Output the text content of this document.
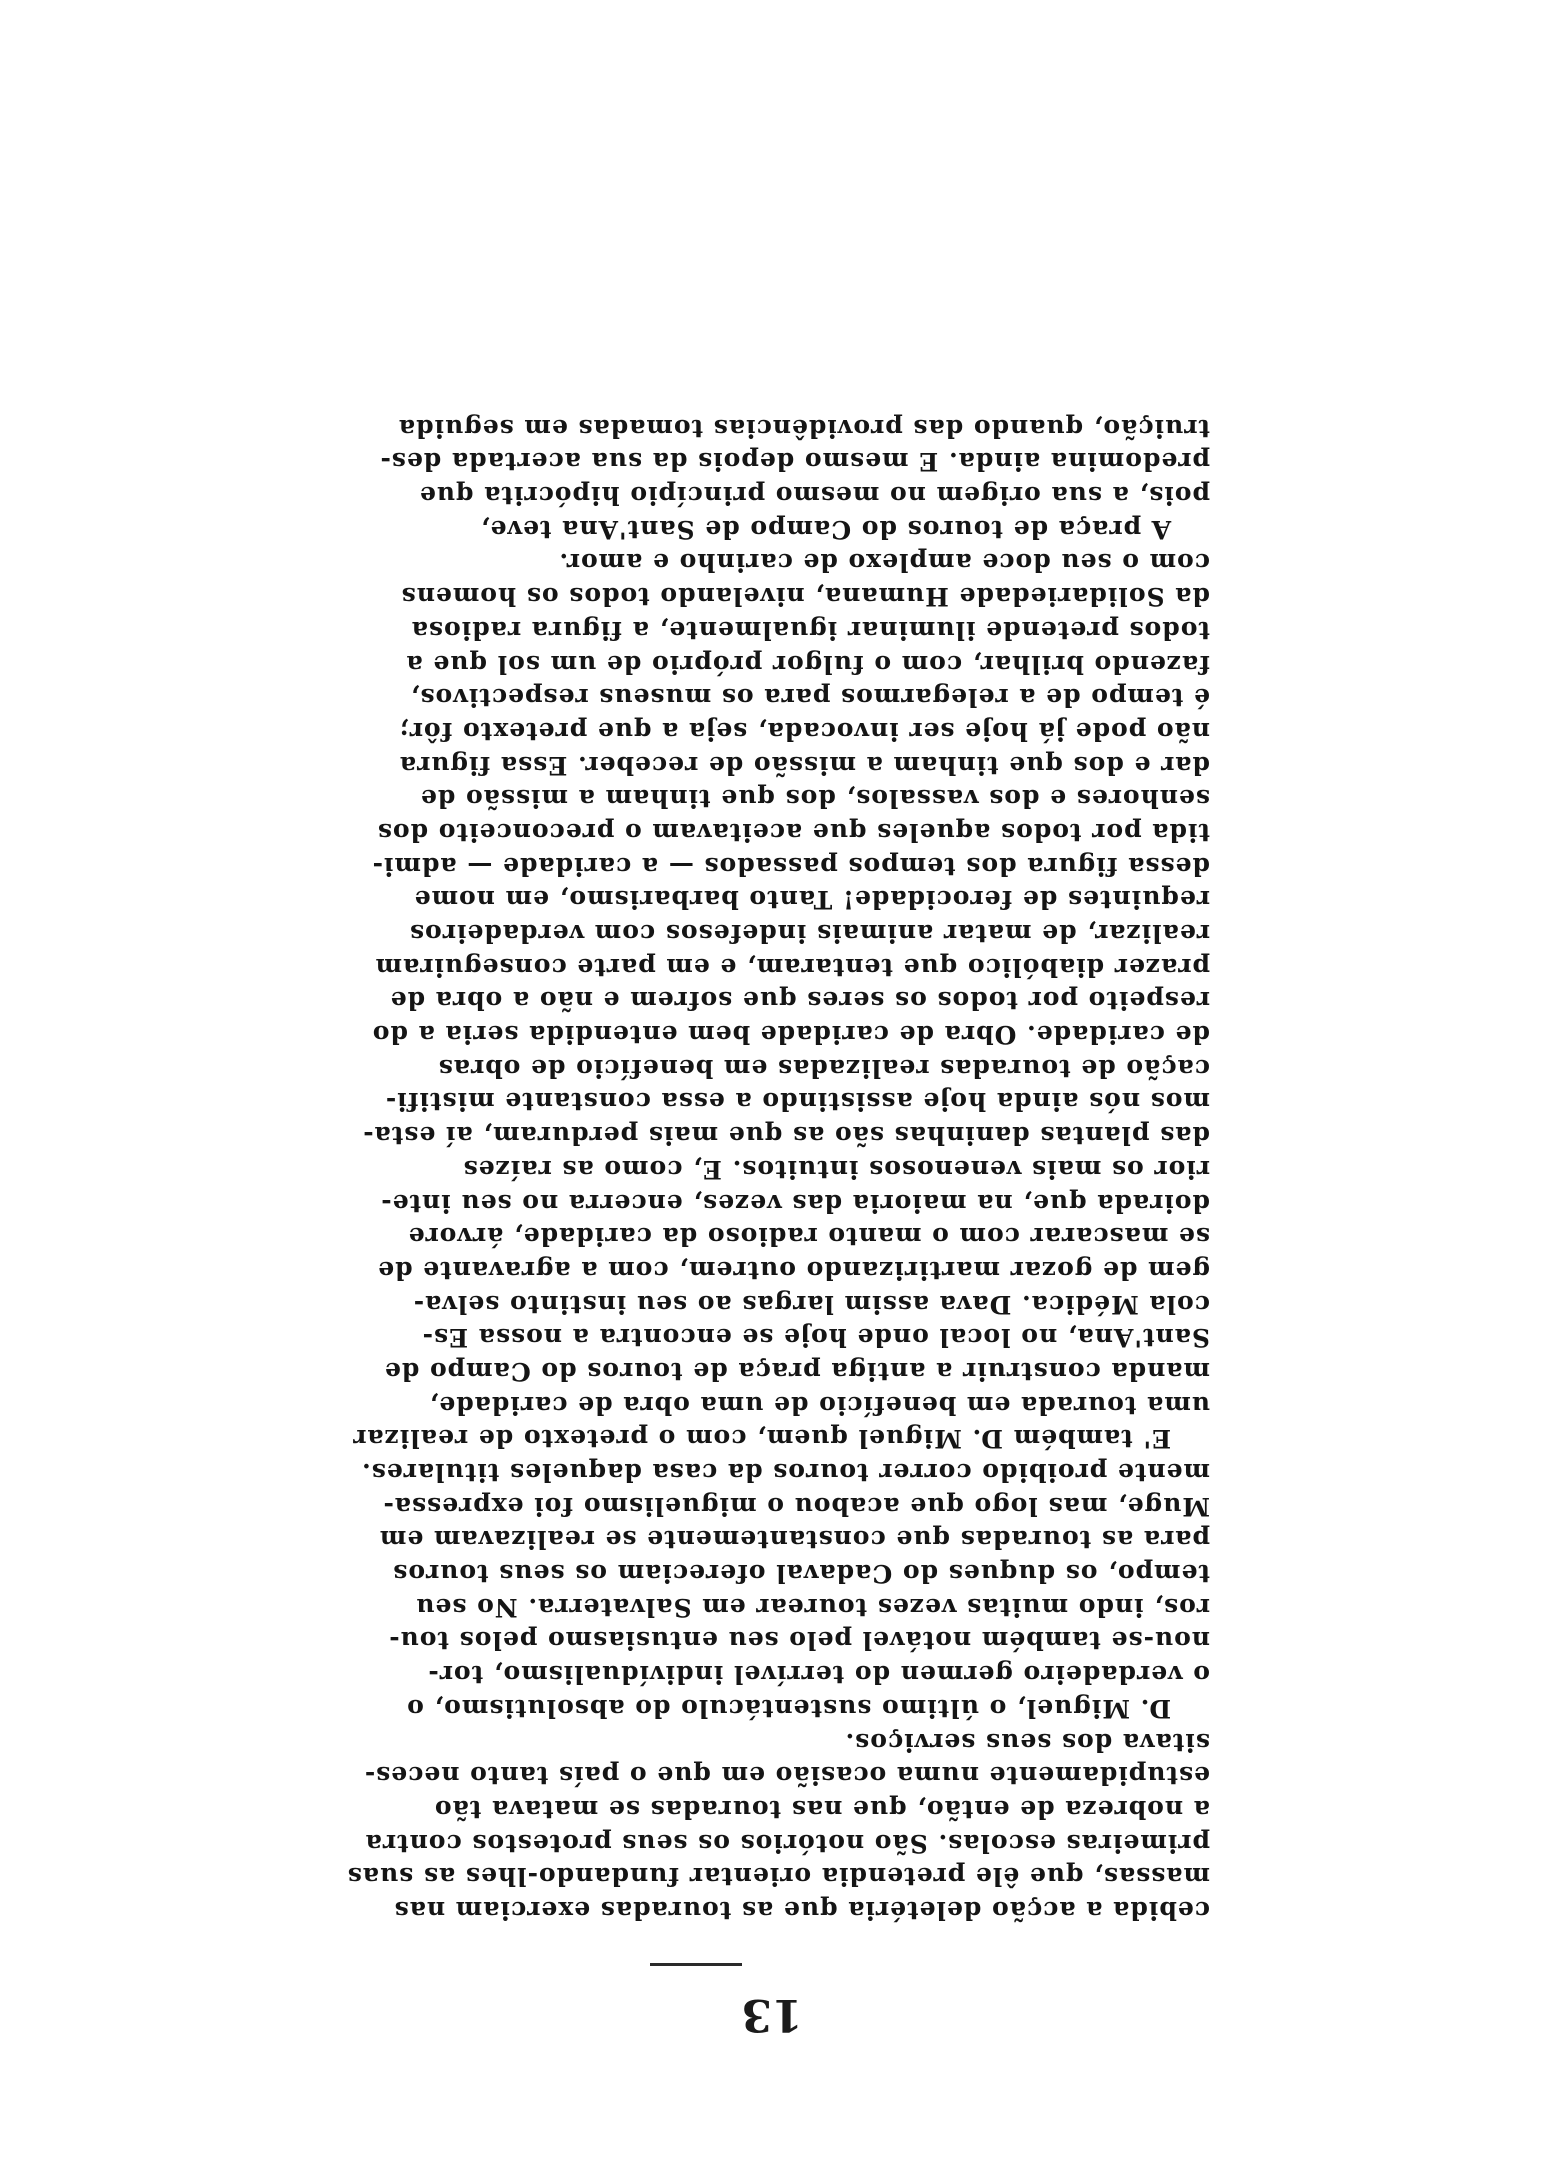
13
cebida a acção deletéria que as touradas exerciam nas
massas, que êle pretendia orientar fundando-lhes as suas
primeiras escolas. São notórios os seus protestos contra
a nobreza de então, que nas touradas se matava tão
estupidamente numa ocasião em que o país tanto neces-
sitava dos seus serviços.
D. Miguel, o último sustentáculo do absolutismo, o
o verdadeiro germen do terrível indivídualismo, tor-
nou-se também notável pelo seu entusiasmo pelos tou-
ros, indo muitas vezes tourear em Salvaterra. No seu
tempo, os duques do Cadaval ofereciam os seus touros
para as touradas que constantemente se realizavam em
Muge, mas logo que acabou o miguelismo foi expressa-
mente proibido correr touros da casa daqueles titulares.
E' também D. Miguel quem, com o pretexto de realizar
uma tourada em benefício de uma obra de caridade,
manda construir a antiga praça de touros do Campo de
Sant'Ana, no local onde hoje se encontra a nossa Es-
cola Médica. Dava assim largas ao seu instinto selva-
gem de gozar martirizando outrem, com a agravante de
se mascarar com o manto radioso da caridade, árvore
doirada que, na maioria das vezes, encerra no seu inte-
rior os mais venenosos intuitos. E, como as raízes
das plantas daninhas são as que mais perduram, aí esta-
mos nós ainda hoje assistindo a essa constante mistifi-
cação de touradas realizadas em benefício de obras
de caridade. Obra de caridade bem entendida seria a do
respeito por todos os seres que sofrem e não a obra de
prazer diabólico que tentaram, e em parte conseguiram
realizar, de matar animais indefesos com verdadeiros
requintes de ferocidade! Tanto barbarismo, em nome
dessa figura dos tempos passados — a caridade — admi-
tida por todos aqueles que aceitavam o preconceito dos
senhores e dos vassalos, dos que tinham a missão de
dar e dos que tinham a missão de receber. Essa figura
não pode já hoje ser invocada, seja a que pretexto fôr;
é tempo de a relegarmos para os museus respectivos,
fazendo brilhar, com o fulgor próprio de um sol que a
todos pretende iluminar igualmente, a figura radiosa
da Solidariedade Humana, nivelando todos os homens
com o seu doce amplexo de carinho e amor.
A praça de touros do Campo de Sant'Ana teve,
pois, a sua origem no mesmo princípio hipócrita que
predomina ainda. E mesmo depois da sua acertada des-
truição, quando das providências tomadas em seguida
